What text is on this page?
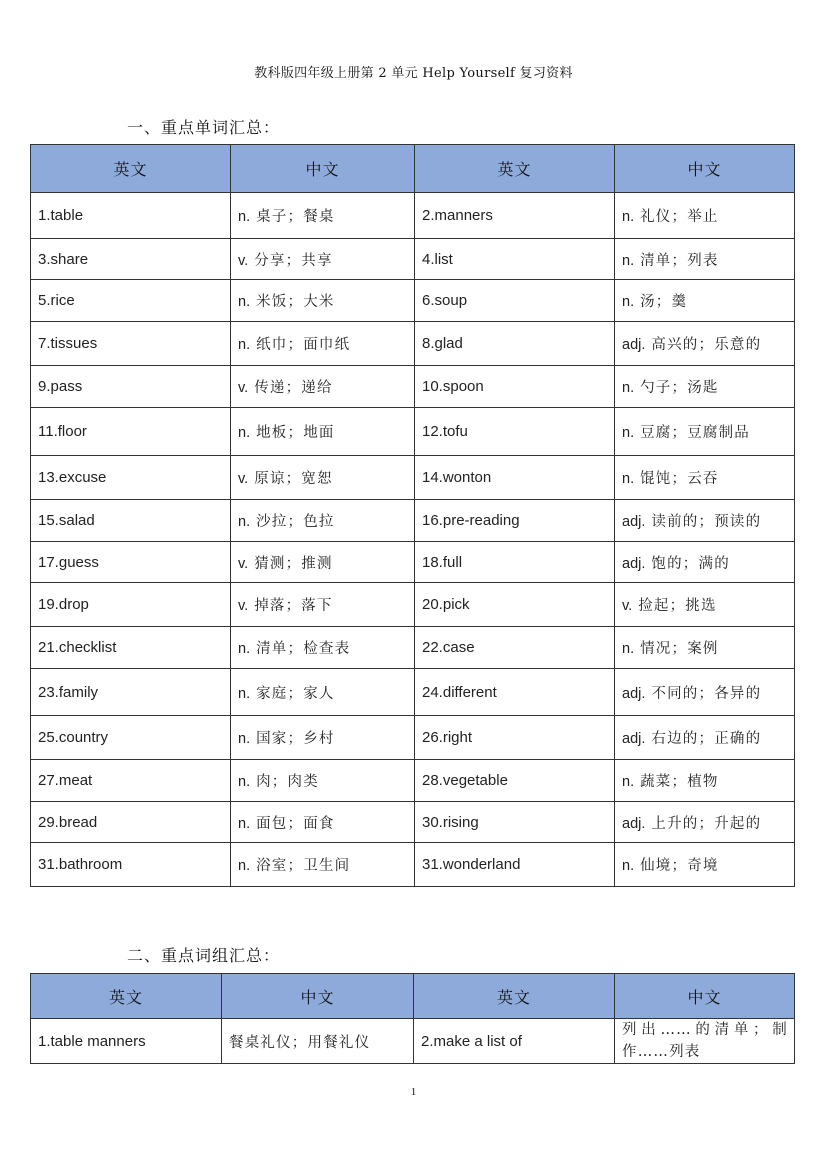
教科版四年级上册第 2 单元 Help Yourself 复习资料
一、重点单词汇总：
英文	中文	英文	中文
1.table	n. 桌子；餐桌	2.manners	n. 礼仪；举止
3.share	v. 分享；共享	4.list	n. 清单；列表
5.rice	n. 米饭；大米	6.soup	n. 汤；羹
7.tissues	n. 纸巾；面巾纸	8.glad	adj. 高兴的；乐意的
9.pass	v. 传递；递给	10.spoon	n. 勺子；汤匙
11.floor	n. 地板；地面	12.tofu	n. 豆腐；豆腐制品
13.excuse	v. 原谅；宽恕	14.wonton	n. 馄饨；云吞
15.salad	n. 沙拉；色拉	16.pre-reading	adj. 读前的；预读的
17.guess	v. 猜测；推测	18.full	adj. 饱的；满的
19.drop	v. 掉落；落下	20.pick	v. 捡起；挑选
21.checklist	n. 清单；检查表	22.case	n. 情况；案例
23.family	n. 家庭；家人	24.different	adj. 不同的；各异的
25.country	n. 国家；乡村	26.right	adj. 右边的；正确的
27.meat	n. 肉；肉类	28.vegetable	n. 蔬菜；植物
29.bread	n. 面包；面食	30.rising	adj. 上升的；升起的
31.bathroom	n. 浴室；卫生间	31.wonderland	n. 仙境；奇境
二、重点词组汇总：
英文	中文	英文	中文
1.table manners	餐桌礼仪；用餐礼仪	2.make a list of	列出……的清单；制作……列表
1
